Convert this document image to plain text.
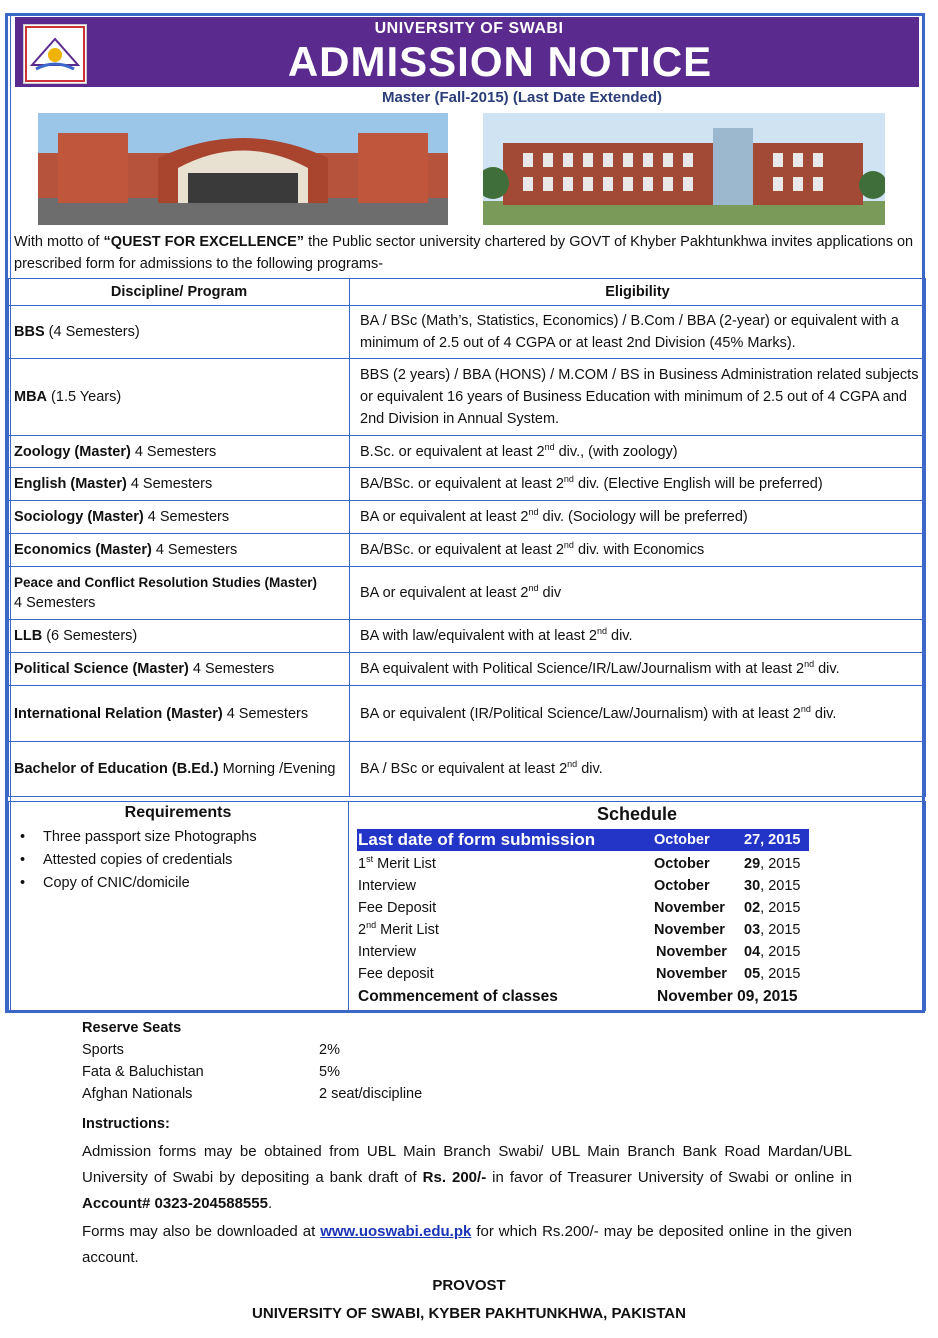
UNIVERSITY OF SWABI
ADMISSION NOTICE
Master (Fall-2015) (Last Date Extended)
With motto of “QUEST FOR EXCELLENCE” the Public sector university chartered by GOVT of Khyber Pakhtunkhwa invites applications on prescribed form for admissions to the following programs-
Discipline/ Program	Eligibility
BBS (4 Semesters)	BA / BSc (Math’s, Statistics, Economics) / B.Com / BBA (2-year) or equivalent with a minimum of 2.5 out of 4 CGPA or at least 2nd Division (45% Marks).
MBA (1.5 Years)	BBS (2 years) / BBA (HONS) / M.COM / BS in Business Administration related subjects or equivalent 16 years of Business Education with minimum of 2.5 out of 4 CGPA and 2nd Division in Annual System.
Zoology (Master) 4 Semesters	B.Sc. or equivalent at least 2nd div., (with zoology)
English (Master) 4 Semesters	BA/BSc. or equivalent at least 2nd div. (Elective English will be preferred)
Sociology (Master) 4 Semesters	BA or equivalent at least 2nd div. (Sociology will be preferred)
Economics (Master) 4 Semesters	BA/BSc. or equivalent at least 2nd div. with Economics
Peace and Conflict Resolution Studies (Master)
4 Semesters	BA or equivalent at least 2nd div
LLB (6 Semesters)	BA with law/equivalent with at least 2nd div.
Political Science (Master) 4 Semesters	BA equivalent with Political Science/IR/Law/Journalism with at least 2nd div.
International Relation (Master) 4 Semesters	BA or equivalent (IR/Political Science/Law/Journalism) with at least 2nd div.
Bachelor of Education (B.Ed.) Morning /Evening	BA / BSc or equivalent at least 2nd div.
Requirements
• Three passport size Photographs
• Attested copies of credentials
• Copy of CNIC/domicile
Schedule
Last date of form submission	October 27, 2015
1st Merit List	October 29, 2015
Interview	October 30, 2015
Fee Deposit	November 02, 2015
2nd Merit List	November 03, 2015
Interview	November 04, 2015
Fee deposit	November 05, 2015
Commencement of classes	November 09, 2015
Reserve Seats
Sports	2%
Fata & Baluchistan	5%
Afghan Nationals	2 seat/discipline
Instructions:

Admission forms may be obtained from UBL Main Branch Swabi/ UBL Main Branch Bank Road Mardan/UBL University of Swabi by depositing a bank draft of Rs. 200/- in favor of Treasurer University of Swabi or online in Account# 0323-204588555.

Forms may also be downloaded at www.uoswabi.edu.pk for which Rs.200/- may be deposited online in the given account.

PROVOST
UNIVERSITY OF SWABI, KYBER PAKHTUNKHWA, PAKISTAN
